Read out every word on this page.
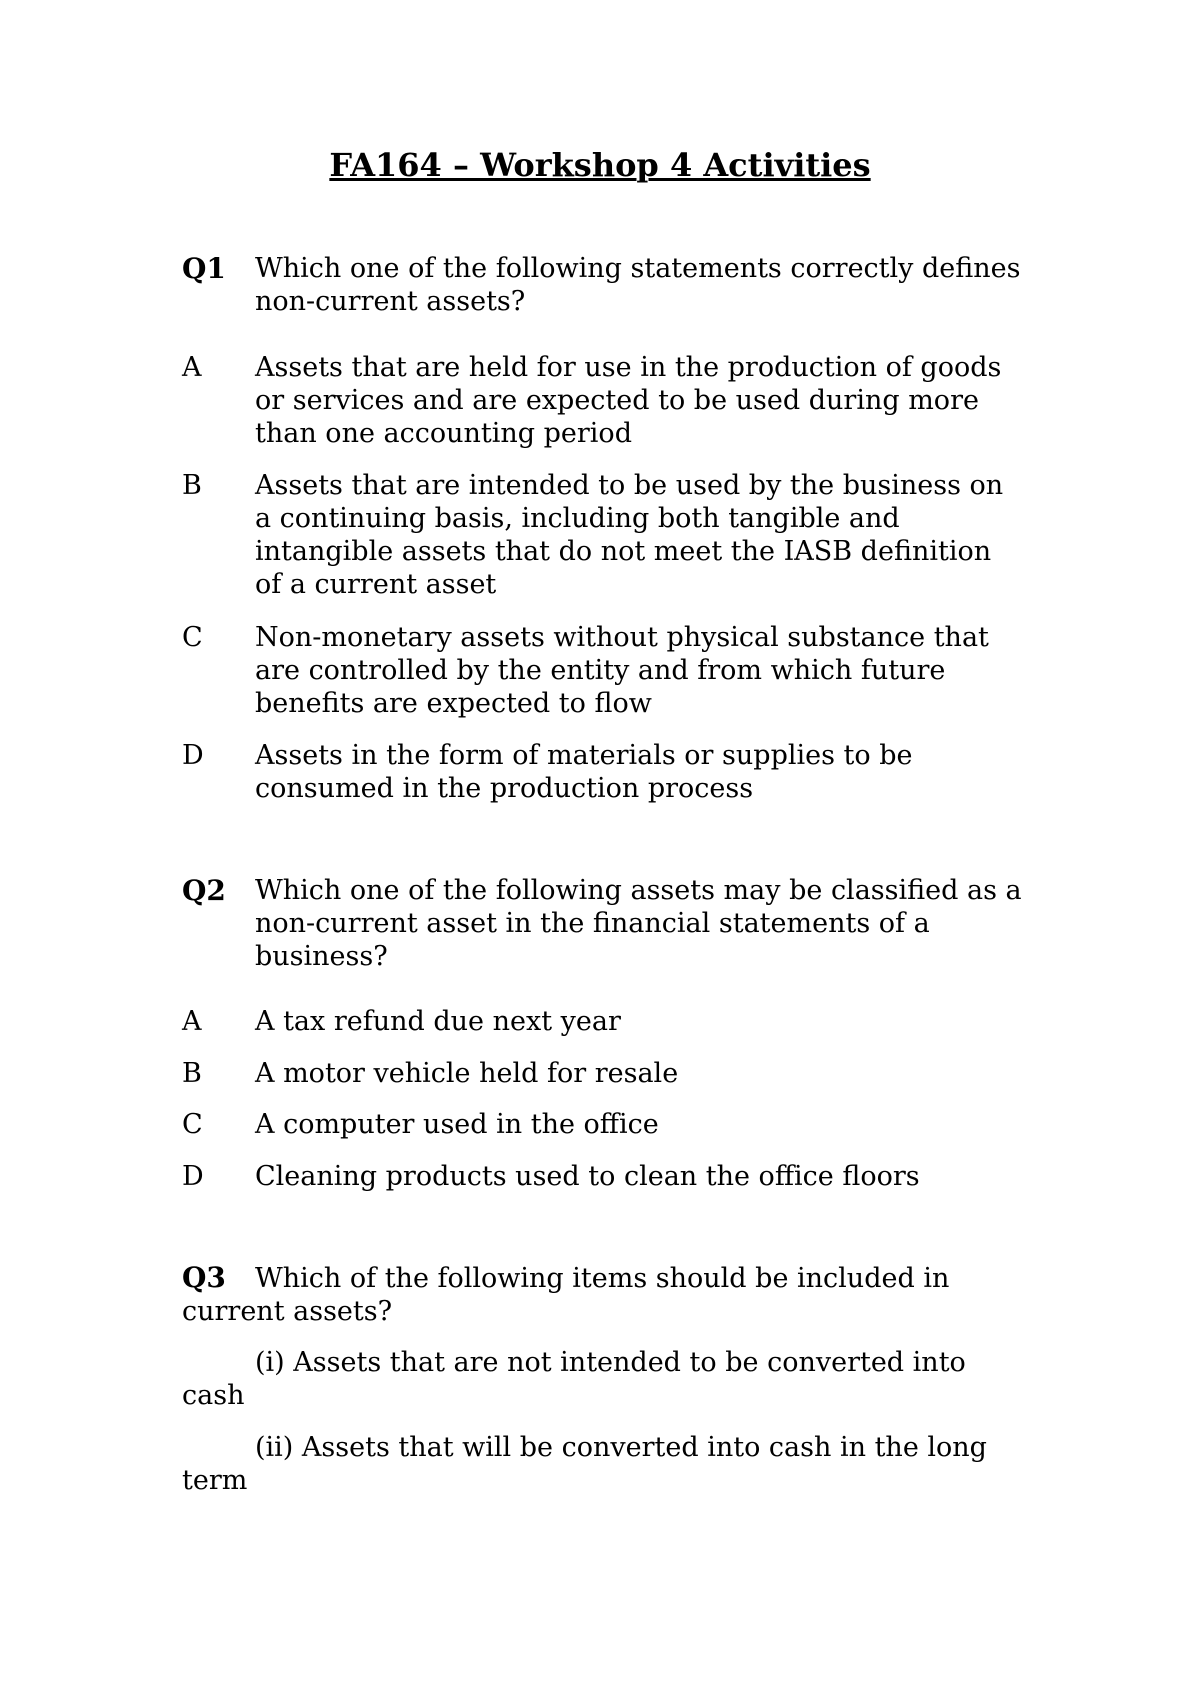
FA164 – Workshop 4 Activities
Q1	Which one of the following statements correctly defines non-current assets?
A	Assets that are held for use in the production of goods or services and are expected to be used during more than one accounting period
B	Assets that are intended to be used by the business on a continuing basis, including both tangible and intangible assets that do not meet the IASB definition of a current asset
C	Non-monetary assets without physical substance that are controlled by the entity and from which future benefits are expected to flow
D	Assets in the form of materials or supplies to be consumed in the production process
Q2	Which one of the following assets may be classified as a non-current asset in the financial statements of a business?
A	A tax refund due next year
B	A motor vehicle held for resale
C	A computer used in the office
D	Cleaning products used to clean the office floors
Q3 Which of the following items should be included in current assets?
(i) Assets that are not intended to be converted into cash
(ii) Assets that will be converted into cash in the long term
